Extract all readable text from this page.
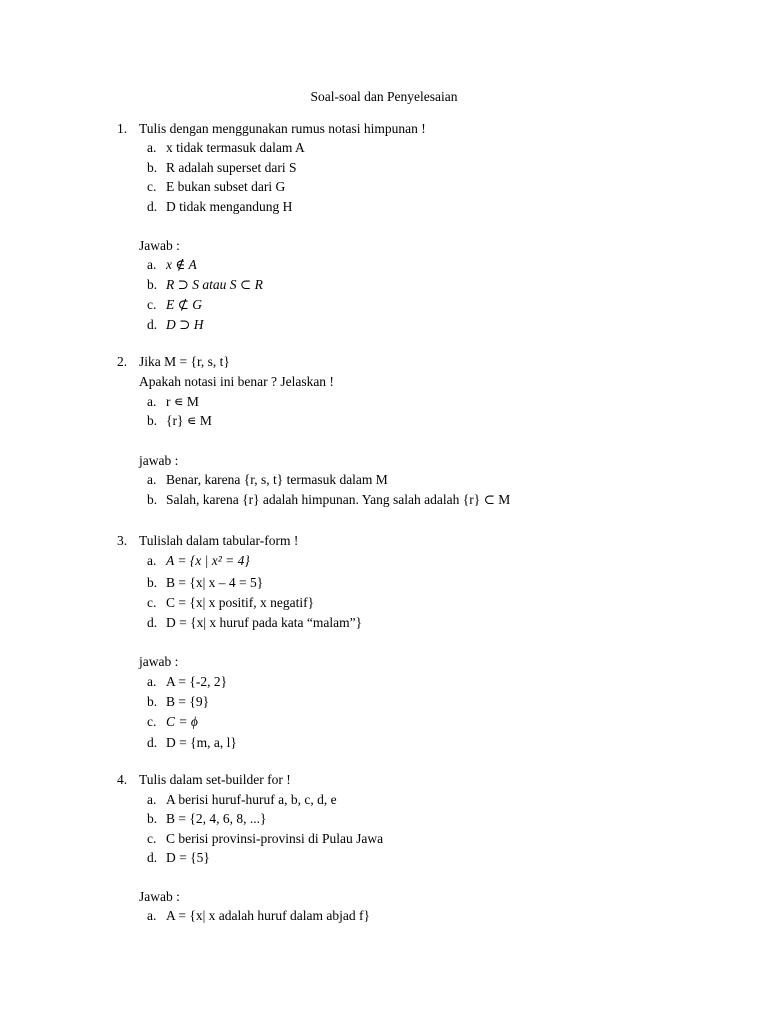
Soal-soal dan Penyelesaian
1. Tulis dengan menggunakan rumus notasi himpunan !
a. x tidak termasuk dalam A
b. R adalah superset dari S
c. E bukan subset dari G
d. D tidak mengandung H
Jawab :
a. x ∉ A
b. R ⊃ S atau S ⊂ R
c. E ⊄ G
d. D ⊃ H
2. Jika M = {r, s, t}
Apakah notasi ini benar ? Jelaskan !
a. r ∊ M
b. {r} ∊ M
jawab :
a. Benar, karena {r, s, t} termasuk dalam M
b. Salah, karena {r} adalah himpunan. Yang salah adalah {r} ⊂ M
3. Tulislah dalam tabular-form !
a. A = {x | x² = 4}
b. B = {x| x – 4 = 5}
c. C = {x| x positif, x negatif}
d. D = {x| x huruf pada kata “malam”}
jawab :
a. A = {-2, 2}
b. B = {9}
c. C = ϕ
d. D = {m, a, l}
4. Tulis dalam set-builder for !
a. A berisi huruf-huruf a, b, c, d, e
b. B = {2, 4, 6, 8, ...}
c. C berisi provinsi-provinsi di Pulau Jawa
d. D = {5}
Jawab :
a. A = {x| x adalah huruf dalam abjad f}
